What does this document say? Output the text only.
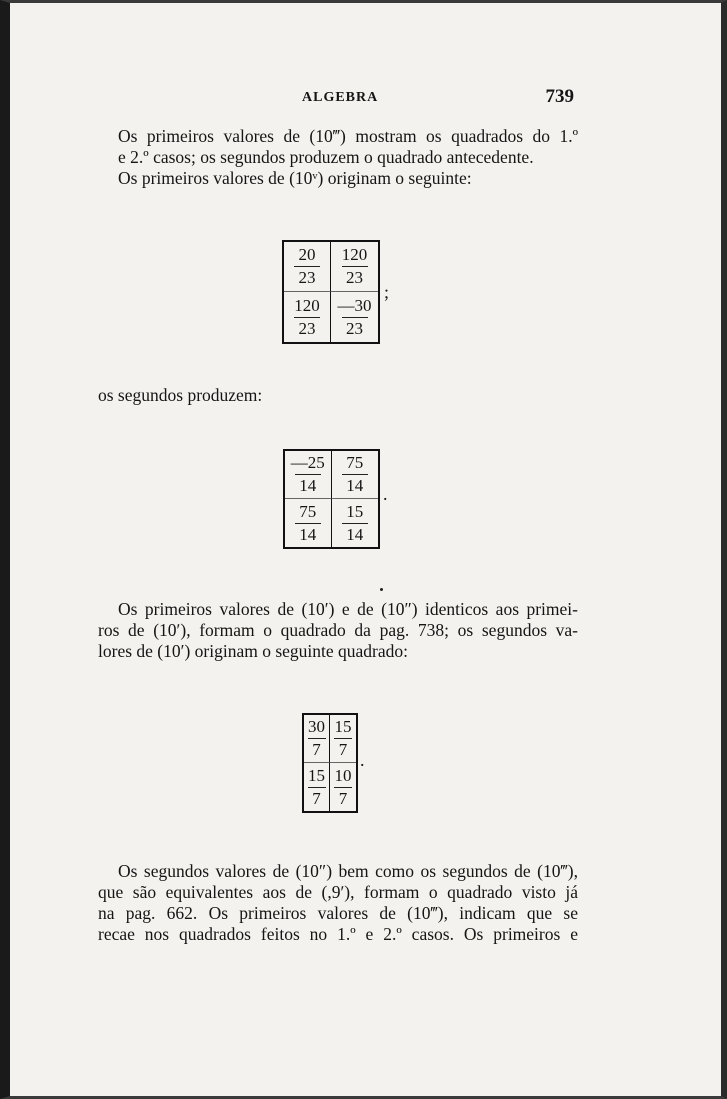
ALGEBRA	739
Os primeiros valores de (10‴) mostram os quadrados do 1.º
e 2.º casos; os segundos produzem o quadrado antecedente.
Os primeiros valores de (10ᵛ) originam o seguinte:
$\frac{20}{23} \frac{120}{23}$
$\frac{120}{23} \frac{—30}{23}$ ;
os segundos produzem:
$\frac{—25}{14} \frac{75}{14}$
$\frac{75}{14} \frac{15}{14}$
.
Os primeiros valores de (10′) e de (10″) identicos aos primei-
ros de (10ʹ), formam o quadrado da pag. 738; os segundos va-
lores de (10′) originam o seguinte quadrado:
$\frac{30}{7} \frac{15}{7}$
$\frac{15}{7} \frac{10}{7}$
.
Os segundos valores de (10″) bem como os segundos de (10‴),
que são equivalentes aos de (,9ʹ), formam o quadrado visto já
na pag. 662. Os primeiros valores de (10‴), indicam que se
recae nos quadrados feitos no 1.º e 2.º casos. Os primeiros e
